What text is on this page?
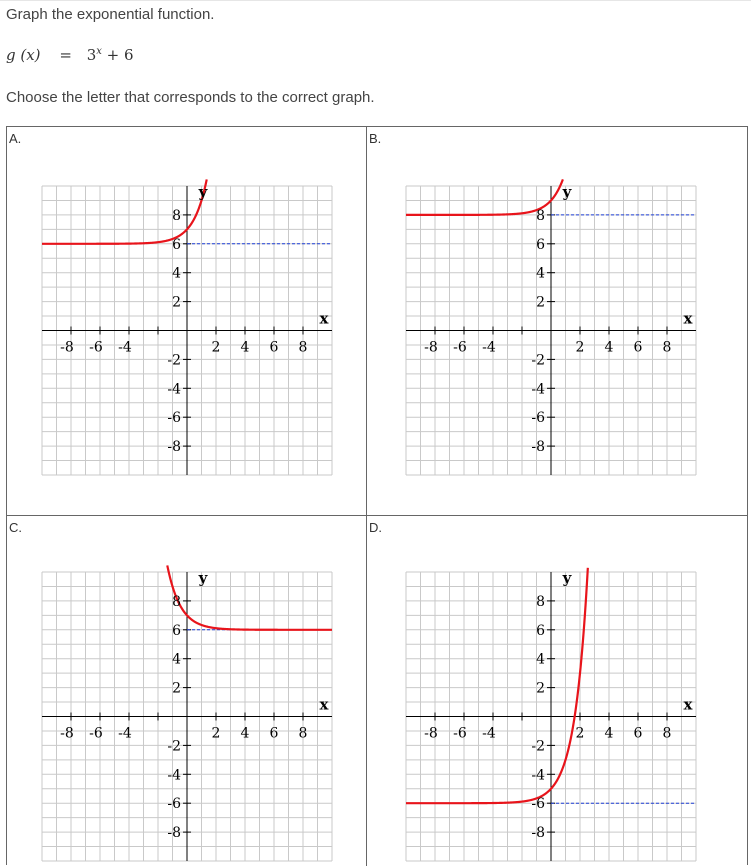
Graph the exponential function.
g $(x) = 3^x + 6$
Choose the letter that corresponds to the correct graph.
A.
-8 -6 -4	2 4 6 8
2
4
6
8
-2
-4
-6
-8
x
y
B.
-8 -6 -4	2 4 6 8
2
4
6
8
-2
-4
-6
-8
x
y
C.
-8 -6 -4	2 4 6 8
2
4
6
8
-2
-4
-6
-8
x
y
D.
-8 -6 -4	2 4 6 8
2
4
6
8
-2
-4
-6
-8
x
y
